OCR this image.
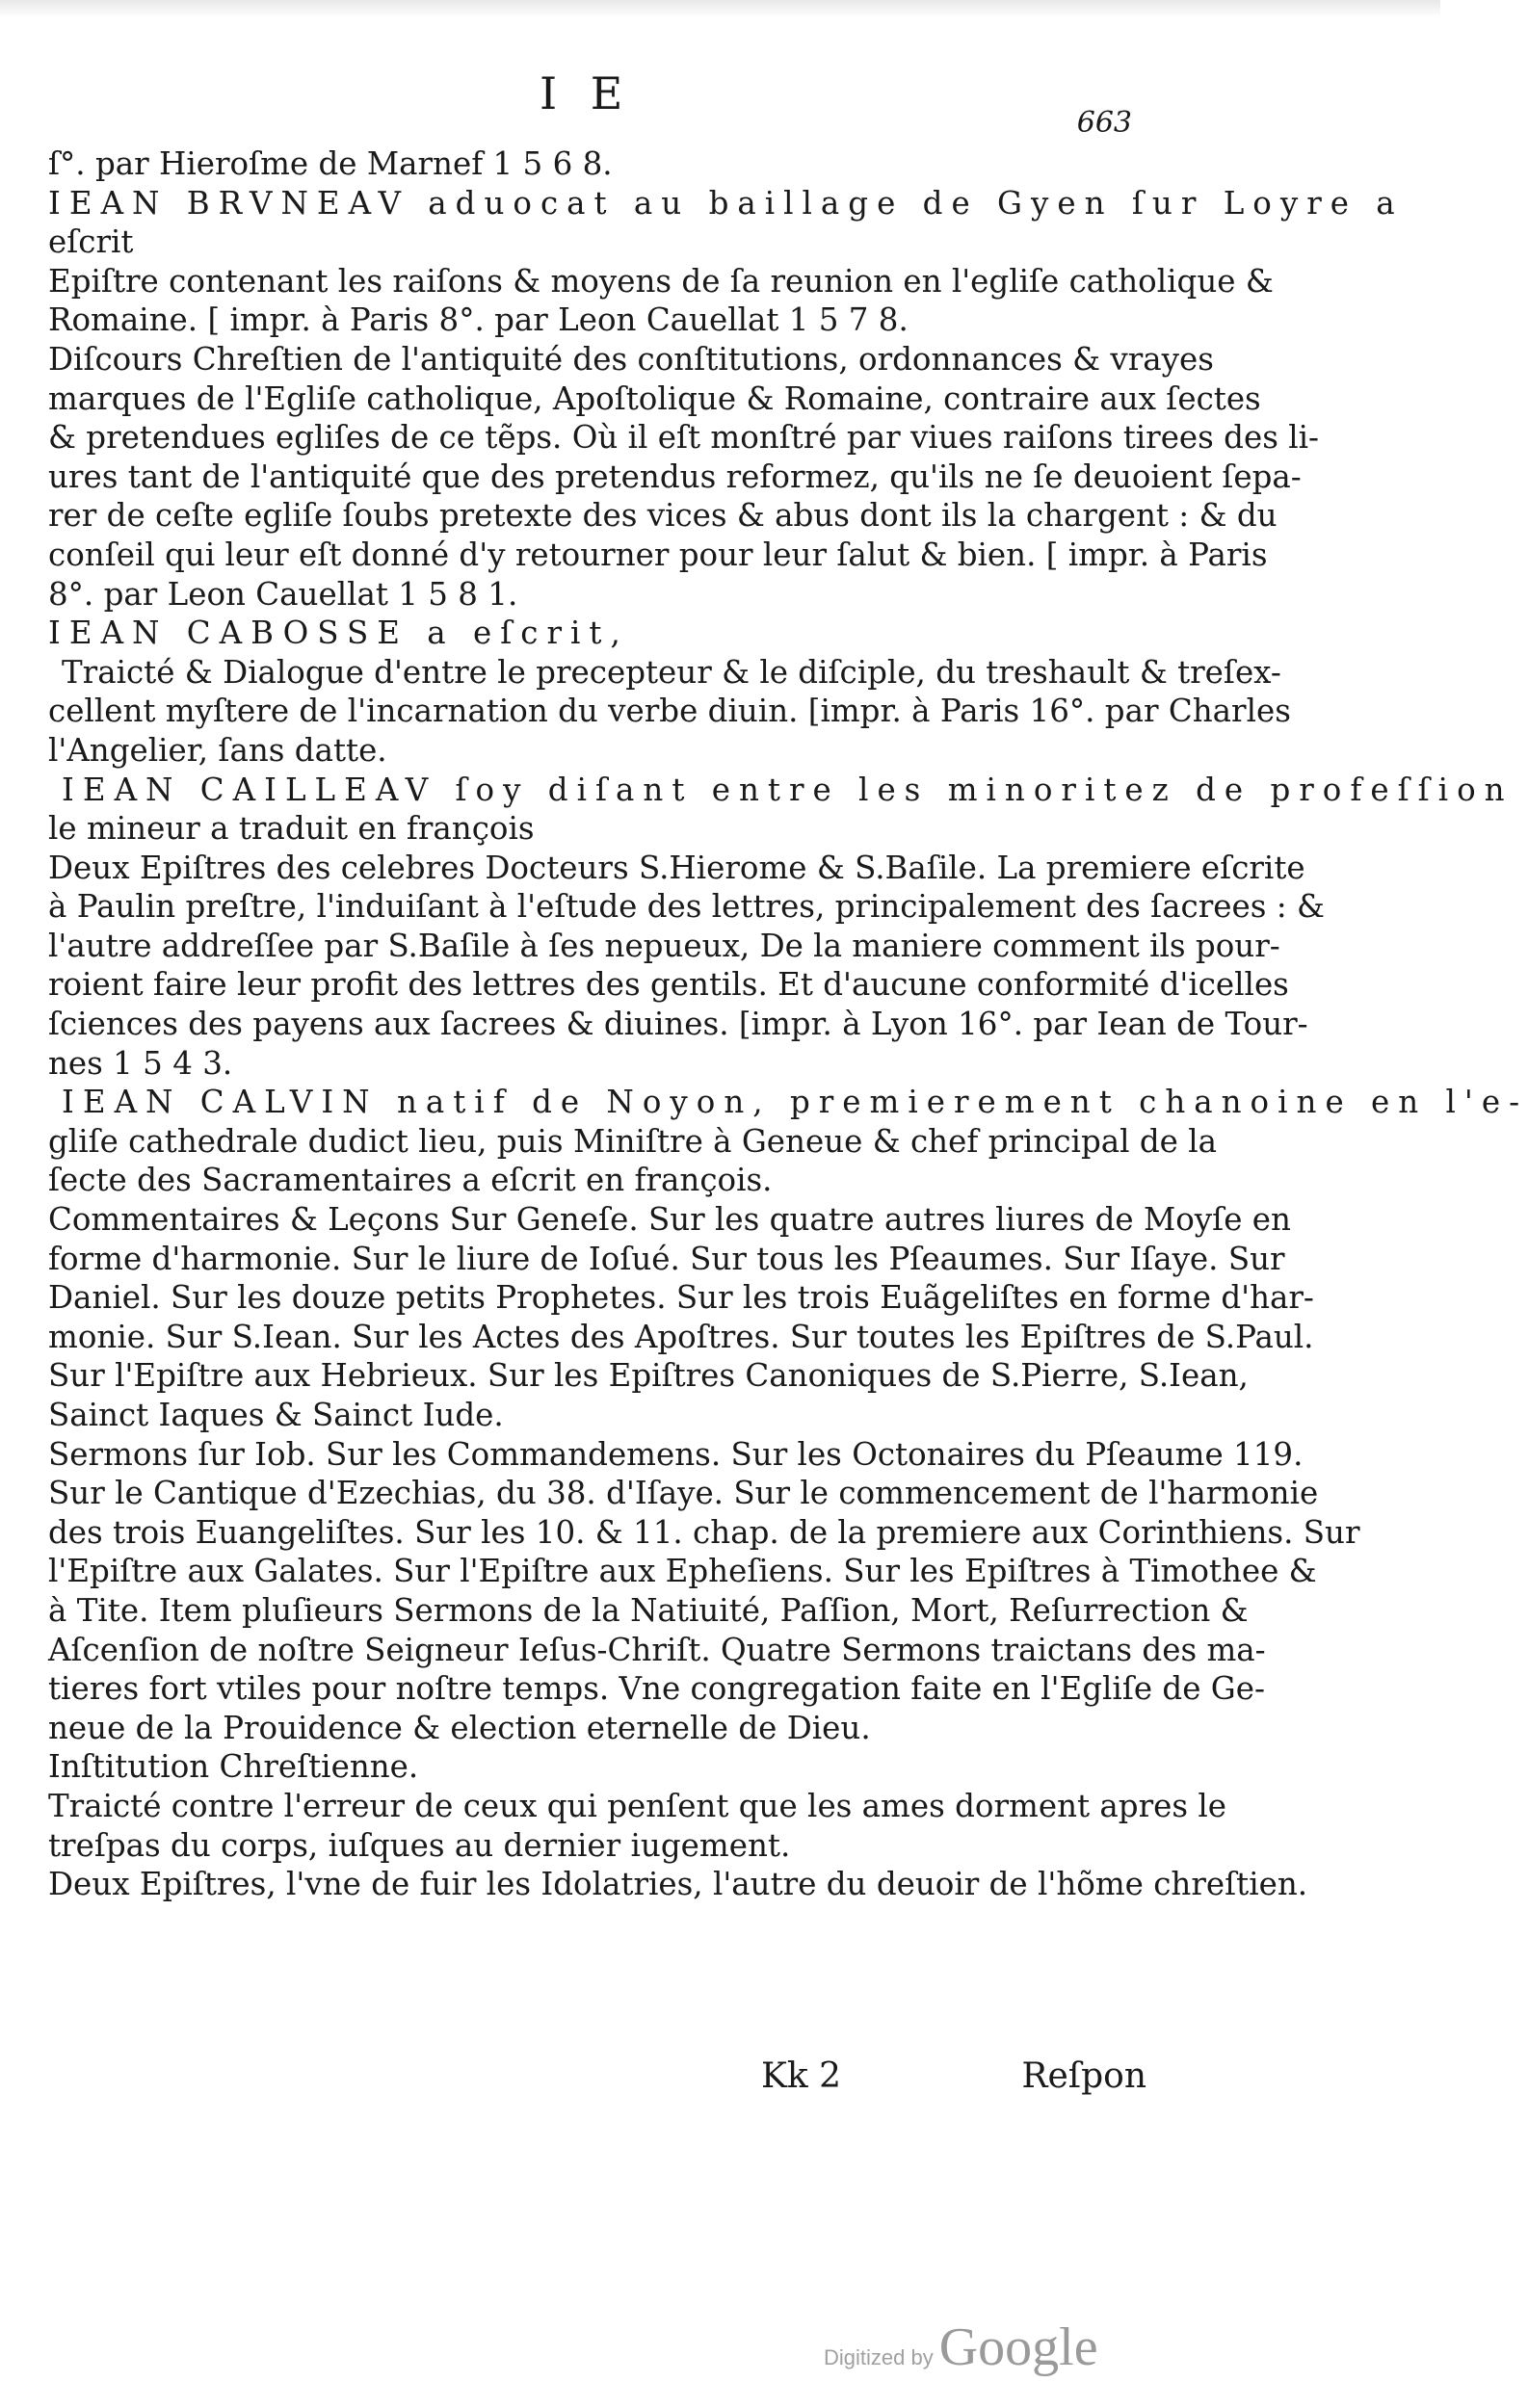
I E
663
ſ°. par Hieroſme de Marnef 1 5 6 8.
IEAN BRVNEAV aduocat au baillage de Gyen ſur Loyre a
eſcrit
Epiſtre contenant les raiſons & moyens de ſa reunion en l'egliſe catholique &
Romaine. [ impr. à Paris 8°. par Leon Cauellat 1 5 7 8.
Diſcours Chreſtien de l'antiquité des conſtitutions, ordonnances & vrayes
marques de l'Egliſe catholique, Apoſtolique & Romaine, contraire aux ſectes
& pretendues egliſes de ce tẽps. Où il eſt monſtré par viues raiſons tirees des li-
ures tant de l'antiquité que des pretendus reformez, qu'ils ne ſe deuoient ſepa-
rer de ceſte egliſe ſoubs pretexte des vices & abus dont ils la chargent : & du
conſeil qui leur eſt donné d'y retourner pour leur ſalut & bien. [ impr. à Paris
8°. par Leon Cauellat 1 5 8 1.
IEAN CABOSSE a eſcrit,
Traicté & Dialogue d'entre le precepteur & le diſciple, du treshault & treſex-
cellent myſtere de l'incarnation du verbe diuin. [impr. à Paris 16°. par Charles
l'Angelier, ſans datte.
IEAN CAILLEAV ſoy diſant entre les minoritez de profeſſion
le mineur a traduit en françois
Deux Epiſtres des celebres Docteurs S.Hierome & S.Baſile. La premiere eſcrite
à Paulin preſtre, l'induiſant à l'eſtude des lettres, principalement des ſacrees : &
l'autre addreſſee par S.Baſile à ſes nepueux, De la maniere comment ils pour-
roient faire leur profit des lettres des gentils. Et d'aucune conformité d'icelles
ſciences des payens aux ſacrees & diuines. [impr. à Lyon 16°. par Iean de Tour-
nes 1 5 4 3.
IEAN CALVIN natif de Noyon, premierement chanoine en l'e-
gliſe cathedrale dudict lieu, puis Miniſtre à Geneue & chef principal de la
ſecte des Sacramentaires a eſcrit en françois.
Commentaires & Leçons Sur Geneſe. Sur les quatre autres liures de Moyſe en
forme d'harmonie. Sur le liure de Ioſué. Sur tous les Pſeaumes. Sur Iſaye. Sur
Daniel. Sur les douze petits Prophetes. Sur les trois Euãgeliſtes en forme d'har-
monie. Sur S.Iean. Sur les Actes des Apoſtres. Sur toutes les Epiſtres de S.Paul.
Sur l'Epiſtre aux Hebrieux. Sur les Epiſtres Canoniques de S.Pierre, S.Iean,
Sainct Iaques & Sainct Iude.
Sermons ſur Iob. Sur les Commandemens. Sur les Octonaires du Pſeaume 119.
Sur le Cantique d'Ezechias, du 38. d'Iſaye. Sur le commencement de l'harmonie
des trois Euangeliſtes. Sur les 10. & 11. chap. de la premiere aux Corinthiens. Sur
l'Epiſtre aux Galates. Sur l'Epiſtre aux Epheſiens. Sur les Epiſtres à Timothee &
à Tite. Item pluſieurs Sermons de la Natiuité, Paſſion, Mort, Reſurrection &
Aſcenſion de noſtre Seigneur Ieſus-Chriſt. Quatre Sermons traictans des ma-
tieres fort vtiles pour noſtre temps. Vne congregation faite en l'Egliſe de Ge-
neue de la Prouidence & election eternelle de Dieu.
Inſtitution Chreſtienne.
Traicté contre l'erreur de ceux qui penſent que les ames dorment apres le
treſpas du corps, iuſques au dernier iugement.
Deux Epiſtres, l'vne de fuir les Idolatries, l'autre du deuoir de l'hõme chreſtien.
Kk 2	Reſpon
Digitized by Google
